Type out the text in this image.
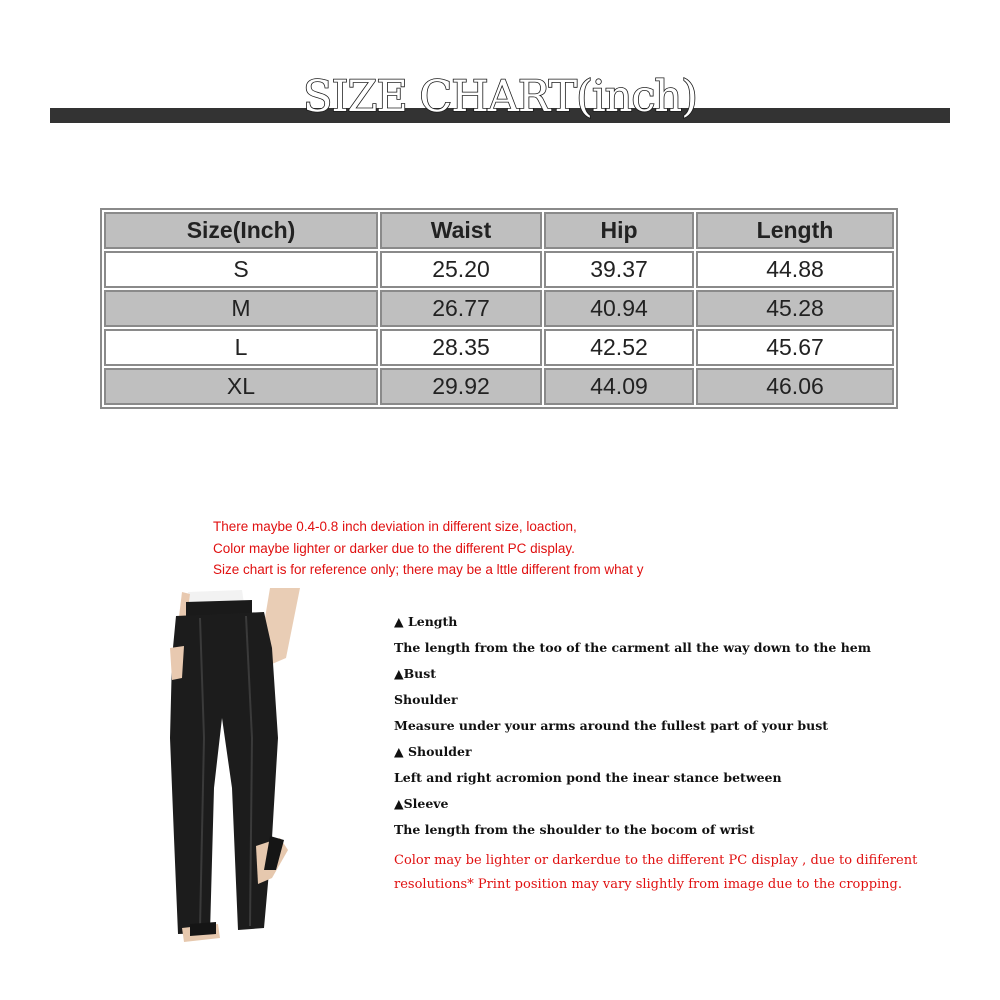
SIZE CHART(inch)
Size(Inch)	Waist	Hip	Length
S	25.20	39.37	44.88
M	26.77	40.94	45.28
L	28.35	42.52	45.67
XL	29.92	44.09	46.06
There maybe 0.4-0.8 inch deviation in different size, loaction,
Color maybe lighter or darker due to the different PC display.
Size chart is for reference only; there may be a lttle different from what y
▲ Length
The length from the too of the carment all the way down to the hem
▲Bust
Shoulder
Measure under your arms around the fullest part of your bust
▲ Shoulder
Left and right acromion pond the inear stance between
▲Sleeve
The length from the shoulder to the bocom of wrist
Color may be lighter or darkerdue to the different PC display , due to dififerent
resolutions* Print position may vary slightly from image due to the cropping.
